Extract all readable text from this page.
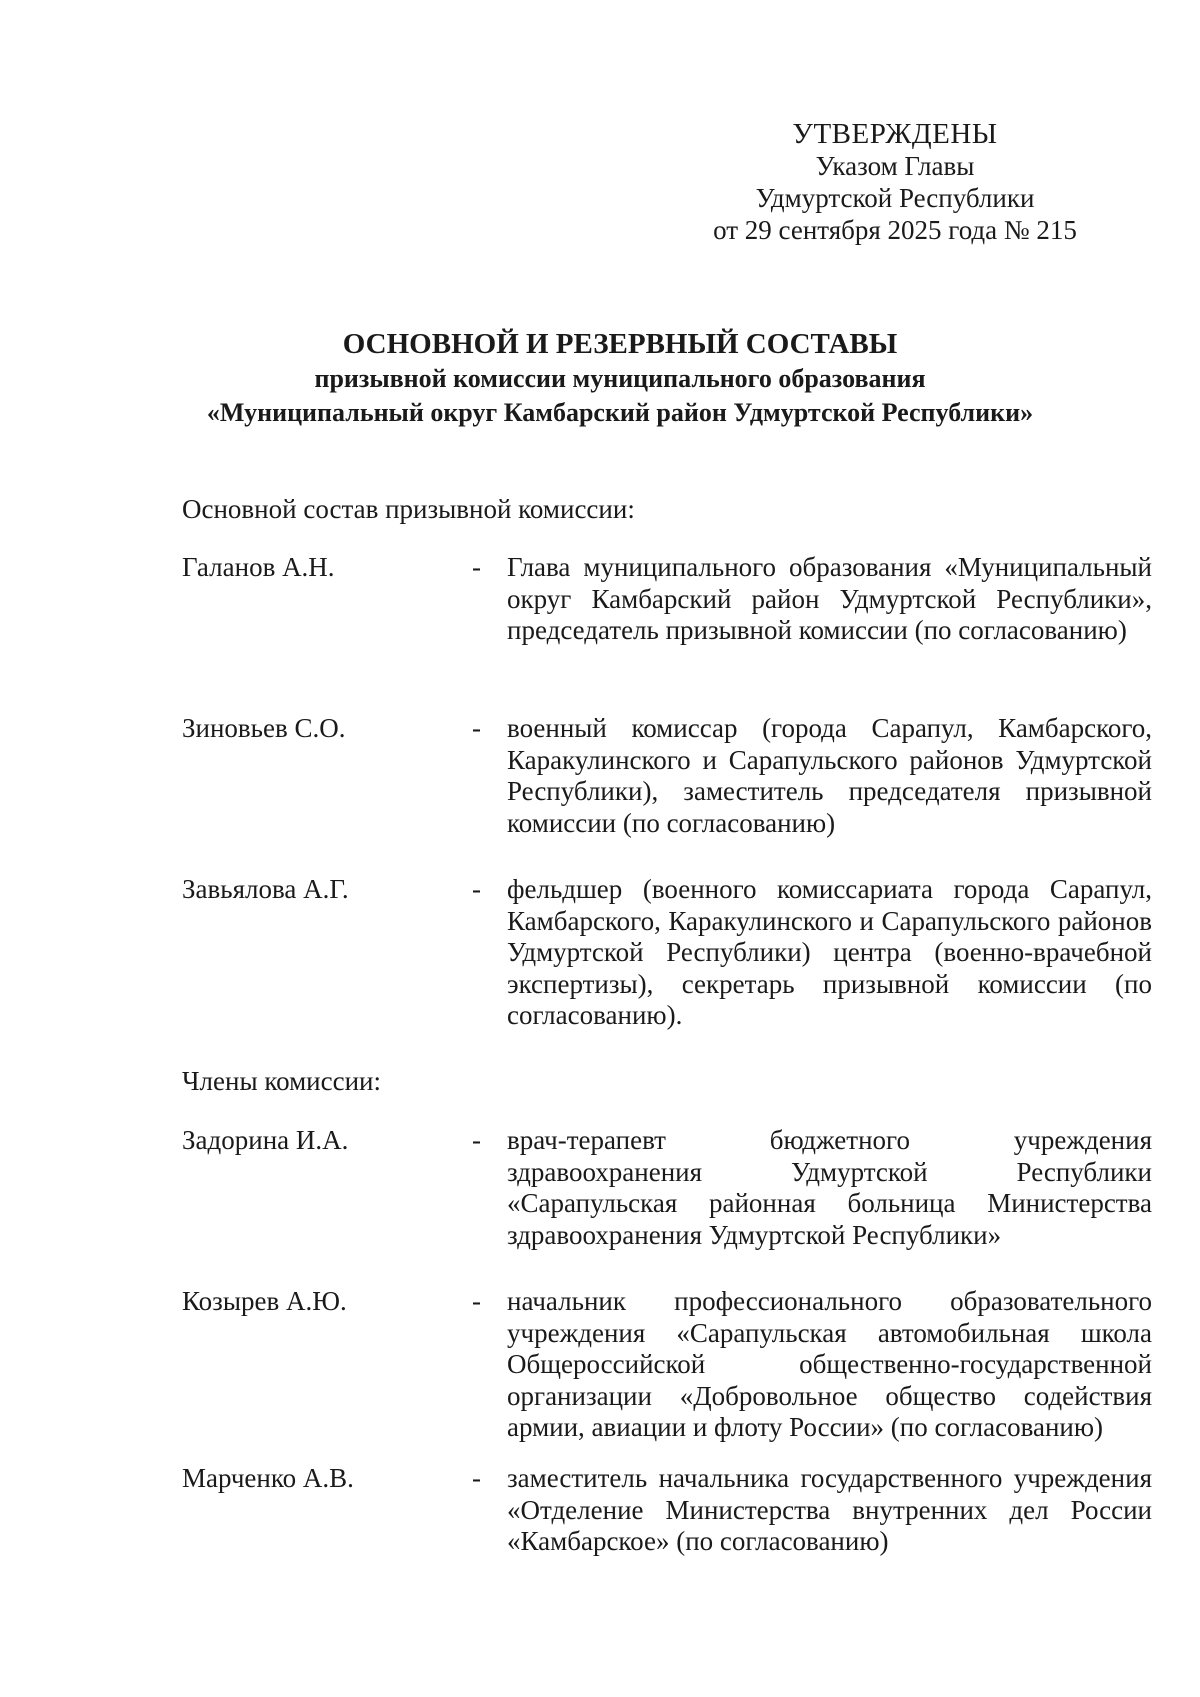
УТВЕРЖДЕНЫ
Указом Главы
Удмуртской Республики
от 29 сентября 2025 года № 215
ОСНОВНОЙ И РЕЗЕРВНЫЙ СОСТАВЫ
призывной комиссии муниципального образования
«Муниципальный округ Камбарский район Удмуртской Республики»
Основной состав призывной комиссии:
Галанов А.Н.	- Глава муниципального образования «Муниципальный округ Камбарский район Удмуртской Республики», председатель призывной комиссии (по согласованию)
Зиновьев С.О.	- военный комиссар (города Сарапул, Камбарского, Каракулинского и Сарапульского районов Удмуртской Республики), заместитель председателя призывной комиссии (по согласованию)
Завьялова А.Г.	- фельдшер (военного комиссариата города Сарапул, Камбарского, Каракулинского и Сарапульского районов Удмуртской Республики) центра (военно-врачебной экспертизы), секретарь призывной комиссии (по согласованию).
Члены комиссии:
Задорина И.А.	- врач-терапевт бюджетного учреждения здравоохранения Удмуртской Республики «Сарапульская районная больница Министерства здравоохранения Удмуртской Республики»
Козырев А.Ю.	- начальник профессионального образовательного учреждения «Сарапульская автомобильная школа Общероссийской общественно-государственной организации «Добровольное общество содействия армии, авиации и флоту России» (по согласованию)
Марченко А.В.	- заместитель начальника государственного учреждения «Отделение Министерства внутренних дел России «Камбарское» (по согласованию)
